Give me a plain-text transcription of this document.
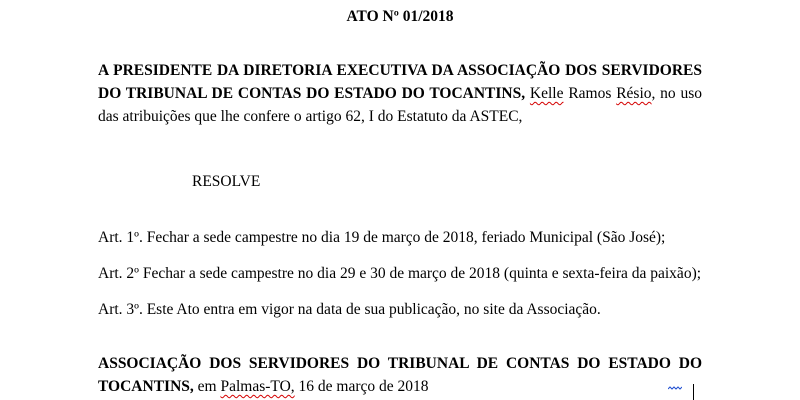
ATO Nº 01/2018
A PRESIDENTE DA DIRETORIA EXECUTIVA DA ASSOCIAÇÃO DOS SERVIDORES DO TRIBUNAL DE CONTAS DO ESTADO DO TOCANTINS, Kelle Ramos Résio, no uso das atribuições que lhe confere o artigo 62, I do Estatuto da ASTEC,
RESOLVE
Art. 1º. Fechar a sede campestre no dia 19 de março de 2018, feriado Municipal (São José);
Art. 2º Fechar a sede campestre no dia 29 e 30 de março de 2018 (quinta e sexta-feira da paixão);
Art. 3º. Este Ato entra em vigor na data de sua publicação, no site da Associação.
ASSOCIAÇÃO DOS SERVIDORES DO TRIBUNAL DE CONTAS DO ESTADO DO TOCANTINS, em Palmas-TO, 16 de março de 2018
